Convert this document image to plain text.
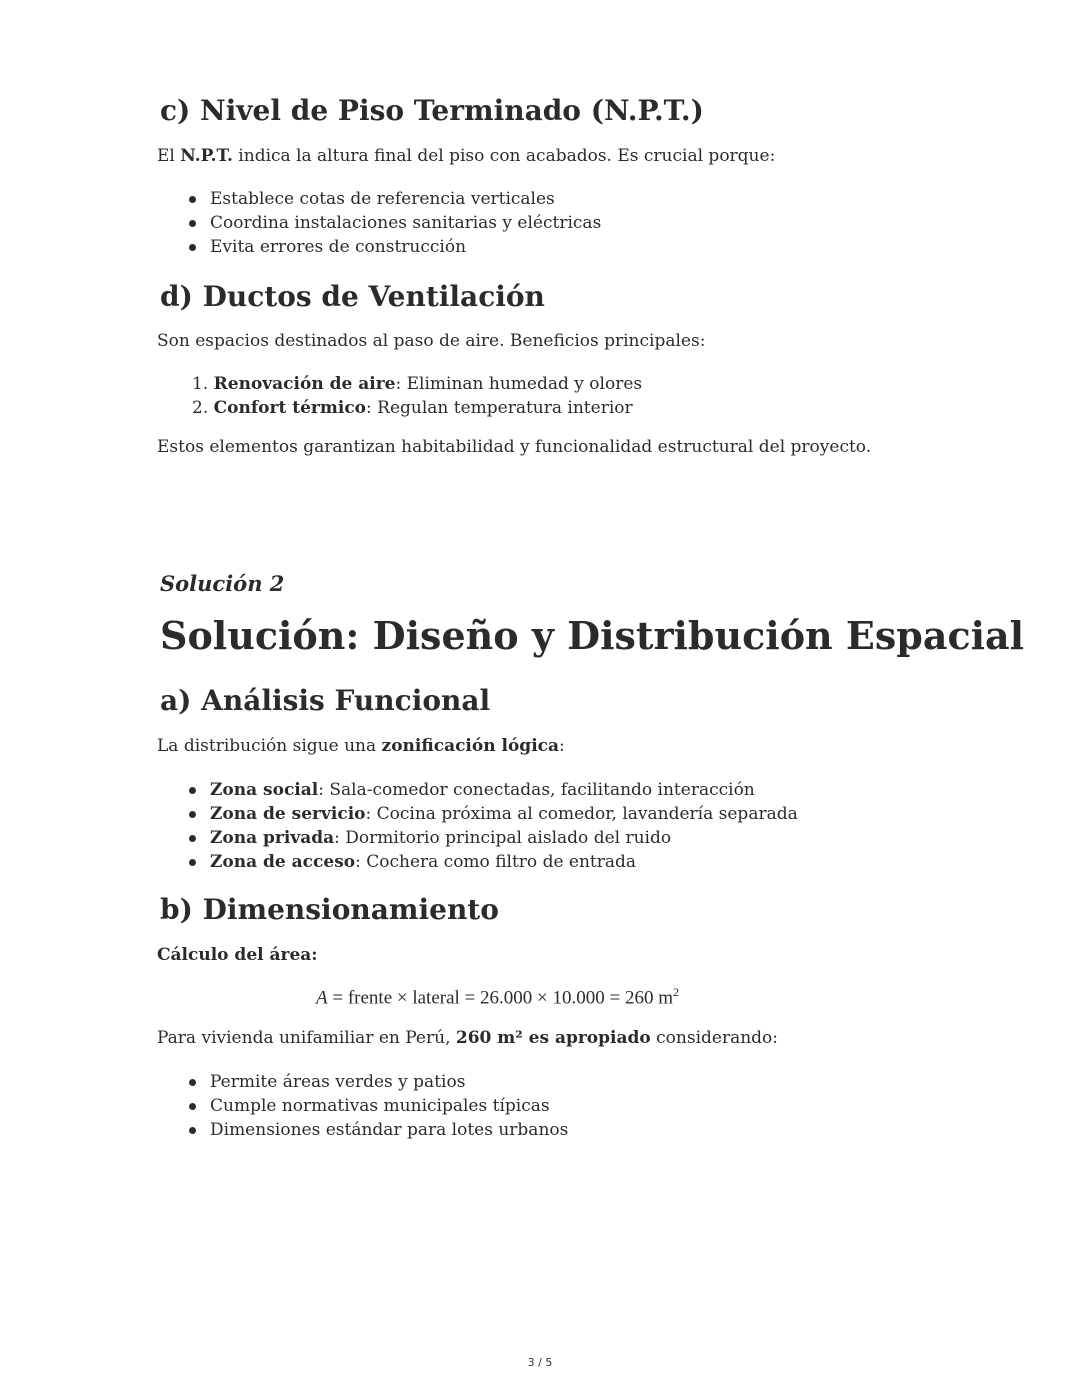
c) Nivel de Piso Terminado (N.P.T.)

El N.P.T. indica la altura final del piso con acabados. Es crucial porque:

Establece cotas de referencia verticales
Coordina instalaciones sanitarias y eléctricas
Evita errores de construcción
d) Ductos de Ventilación

Son espacios destinados al paso de aire. Beneficios principales:

1. Renovación de aire: Eliminan humedad y olores
2. Confort térmico: Regulan temperatura interior

Estos elementos garantizan habitabilidad y funcionalidad estructural del proyecto.

Solución 2

Solución: Diseño y Distribución Espacial
a) Análisis Funcional

La distribución sigue una zonificación lógica:

Zona social: Sala-comedor conectadas, facilitando interacción
Zona de servicio: Cocina próxima al comedor, lavandería separada
Zona privada: Dormitorio principal aislado del ruido
Zona de acceso: Cochera como filtro de entrada
b) Dimensionamiento

Cálculo del área:

A = frente × lateral = 26.000 × 10.000 = 260 $m^2$

Para vivienda unifamiliar en Perú, 260 m² es apropiado considerando:

Permite áreas verdes y patios
Cumple normativas municipales típicas
Dimensiones estándar para lotes urbanos
3 / 5
